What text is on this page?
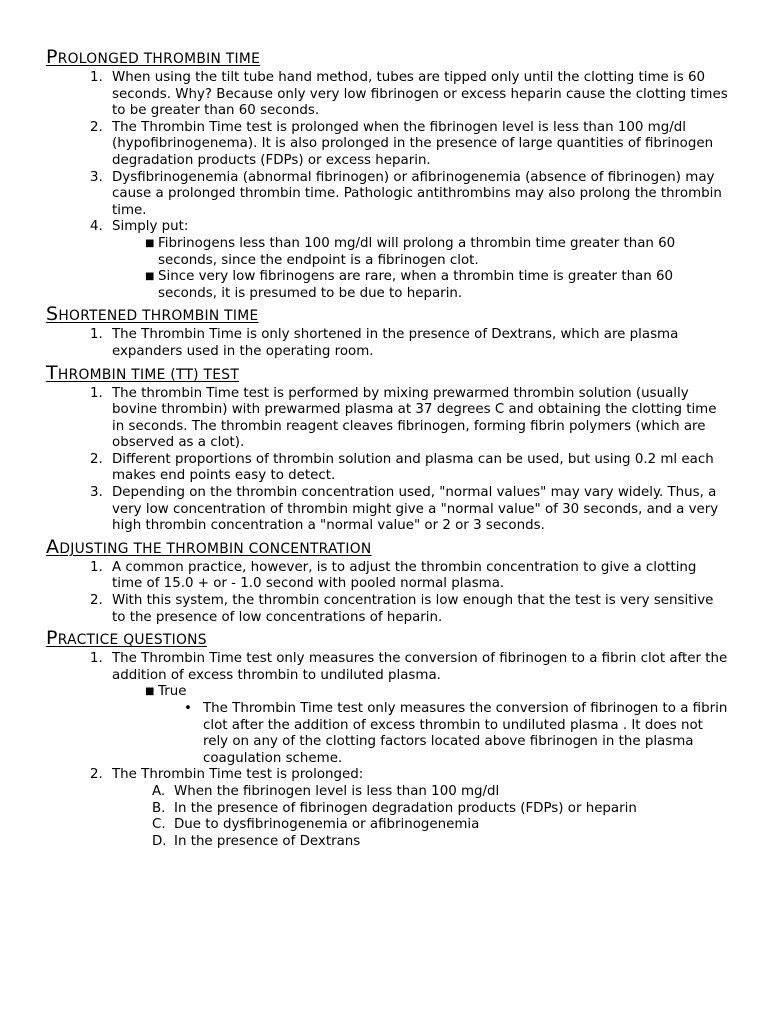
PROLONGED THROMBIN TIME
1. When using the tilt tube hand method, tubes are tipped only until the clotting time is 60 seconds. Why? Because only very low fibrinogen or excess heparin cause the clotting times to be greater than 60 seconds.
2. The Thrombin Time test is prolonged when the fibrinogen level is less than 100 mg/dl (hypofibrinogenema). It is also prolonged in the presence of large quantities of fibrinogen degradation products (FDPs) or excess heparin.
3. Dysfibrinogenemia (abnormal fibrinogen) or afibrinogenemia (absence of fibrinogen) may cause a prolonged thrombin time. Pathologic antithrombins may also prolong the thrombin time.
4. Simply put:
■ Fibrinogens less than 100 mg/dl will prolong a thrombin time greater than 60 seconds, since the endpoint is a fibrinogen clot.
■ Since very low fibrinogens are rare, when a thrombin time is greater than 60 seconds, it is presumed to be due to heparin.
SHORTENED THROMBIN TIME
1. The Thrombin Time is only shortened in the presence of Dextrans, which are plasma expanders used in the operating room.
THROMBIN TIME (TT) TEST
1. The thrombin Time test is performed by mixing prewarmed thrombin solution (usually bovine thrombin) with prewarmed plasma at 37 degrees C and obtaining the clotting time in seconds. The thrombin reagent cleaves fibrinogen, forming fibrin polymers (which are observed as a clot).
2. Different proportions of thrombin solution and plasma can be used, but using 0.2 ml each makes end points easy to detect.
3. Depending on the thrombin concentration used, "normal values" may vary widely. Thus, a very low concentration of thrombin might give a "normal value" of 30 seconds, and a very high thrombin concentration a "normal value" or 2 or 3 seconds.
ADJUSTING THE THROMBIN CONCENTRATION
1. A common practice, however, is to adjust the thrombin concentration to give a clotting time of 15.0 + or - 1.0 second with pooled normal plasma.
2. With this system, the thrombin concentration is low enough that the test is very sensitive to the presence of low concentrations of heparin.
PRACTICE QUESTIONS
1. The Thrombin Time test only measures the conversion of fibrinogen to a fibrin clot after the addition of excess thrombin to undiluted plasma.
■ True
• The Thrombin Time test only measures the conversion of fibrinogen to a fibrin clot after the addition of excess thrombin to undiluted plasma . It does not rely on any of the clotting factors located above fibrinogen in the plasma coagulation scheme.
2. The Thrombin Time test is prolonged:
A. When the fibrinogen level is less than 100 mg/dl
B. In the presence of fibrinogen degradation products (FDPs) or heparin
C. Due to dysfibrinogenemia or afibrinogenemia
D. In the presence of Dextrans
